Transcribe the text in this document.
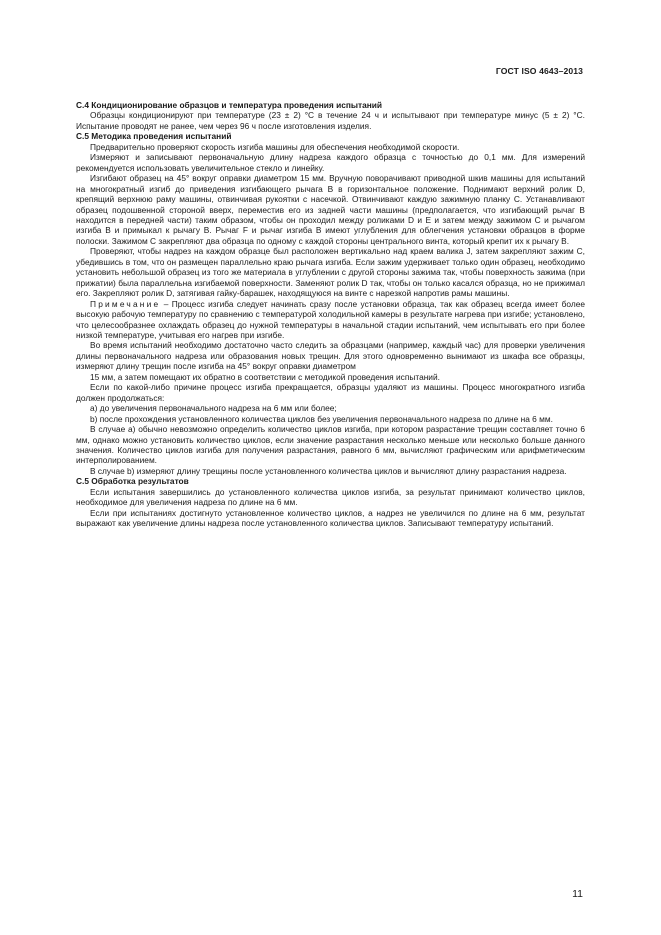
ГОСТ ISO 4643–2013

С.4 Кондиционирование образцов и температура проведения испытаний

Образцы кондиционируют при температуре (23 ± 2) °С в течение 24 ч и испытывают при температуре минус (5 ± 2) °С. Испытание проводят не ранее, чем через 96 ч после изготовления изделия.

С.5 Методика проведения испытаний

Предварительно проверяют скорость изгиба машины для обеспечения необходимой скорости.

Измеряют и записывают первоначальную длину надреза каждого образца с точностью до 0,1 мм. Для измерений рекомендуется использовать увеличительное стекло и линейку.

Изгибают образец на 45° вокруг оправки диаметром 15 мм. Вручную поворачивают приводной шкив машины для испытаний на многократный изгиб до приведения изгибающего рычага В в горизонтальное положение. Поднимают верхний ролик D, крепящий верхнюю раму машины, отвинчивая рукоятки с насечкой. Отвинчивают каждую зажимную планку С. Устанавливают образец подошвенной стороной вверх, переместив его из задней части машины (предполагается, что изгибающий рычаг В находится в передней части) таким образом, чтобы он проходил между роликами D и Е и затем между зажимом С и рычагом изгиба В и примыкал к рычагу В. Рычаг F и рычаг изгиба В имеют углубления для облегчения установки образцов в форме полоски. Зажимом С закрепляют два образца по одному с каждой стороны центрального винта, который крепит их к рычагу В.

Проверяют, чтобы надрез на каждом образце был расположен вертикально над краем валика J, затем закрепляют зажим С, убедившись в том, что он размещен параллельно краю рычага изгиба. Если зажим удерживает только один образец, необходимо установить небольшой образец из того же материала в углублении с другой стороны зажима так, чтобы поверхность зажима (при прижатии) была параллельна изгибаемой поверхности. Заменяют ролик D так, чтобы он только касался образца, но не прижимал его. Закрепляют ролик D, затягивая гайку-барашек, находящуюся на винте с нарезкой напротив рамы машины.

Примечание – Процесс изгиба следует начинать сразу после установки образца, так как образец всегда имеет более высокую рабочую температуру по сравнению с температурой холодильной камеры в результате нагрева при изгибе; установлено, что целесообразнее охлаждать образец до нужной температуры в начальной стадии испытаний, чем испытывать его при более низкой температуре, учитывая его нагрев при изгибе.

Во время испытаний необходимо достаточно часто следить за образцами (например, каждый час) для проверки увеличения длины первоначального надреза или образования новых трещин. Для этого одновременно вынимают из шкафа все образцы, измеряют длину трещин после изгиба на 45° вокруг оправки диаметром

15 мм, а затем помещают их обратно в соответствии с методикой проведения испытаний.

Если по какой-либо причине процесс изгиба прекращается, образцы удаляют из машины. Процесс многократного изгиба должен продолжаться:

а) до увеличения первоначального надреза на 6 мм или более;

b) после прохождения установленного количества циклов без увеличения первоначального надреза по длине на 6 мм.

В случае а) обычно невозможно определить количество циклов изгиба, при котором разрастание трещин составляет точно 6 мм, однако можно установить количество циклов, если значение разрастания несколько меньше или несколько больше данного значения. Количество циклов изгиба для получения разрастания, равного 6 мм, вычисляют графическим или арифметическим интерполированием.

В случае b) измеряют длину трещины после установленного количества циклов и вычисляют длину разрастания надреза.

С.5 Обработка результатов

Если испытания завершились до установленного количества циклов изгиба, за результат принимают количество циклов, необходимое для увеличения надреза по длине на 6 мм.

Если при испытаниях достигнуто установленное количество циклов, а надрез не увеличился по длине на 6 мм, результат выражают как увеличение длины надреза после установленного количества циклов. Записывают температуру испытаний.

11
